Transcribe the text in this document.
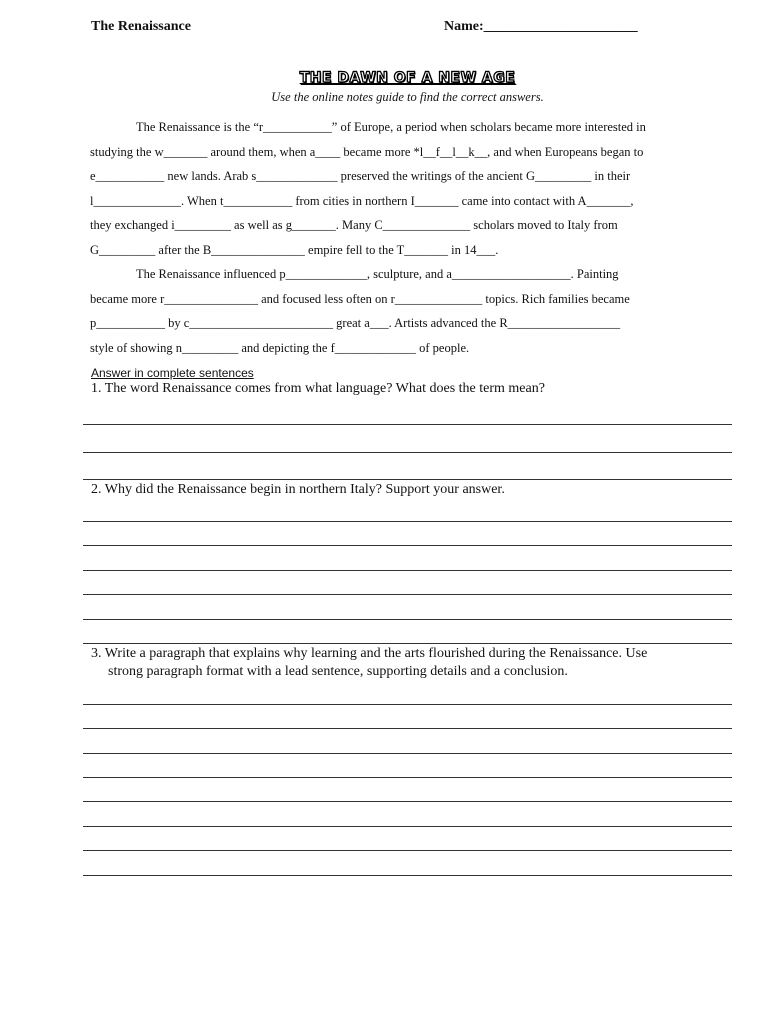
The Renaissance	Name:______________________
THE DAWN OF A NEW AGE
Use the online notes guide to find the correct answers.
The Renaissance is the “r___________” of Europe, a period when scholars became more interested in
studying the w_______ around them, when a____ became more *l__f__l__k__, and when Europeans began to
e___________ new lands. Arab s_____________ preserved the writings of the ancient G_________ in their
l______________. When t___________ from cities in northern I_______ came into contact with A_______,
they exchanged i_________ as well as g_______. Many C______________ scholars moved to Italy from
G_________ after the B_______________ empire fell to the T_______ in 14___.
The Renaissance influenced p_____________, sculpture, and a___________________. Painting
became more r_______________ and focused less often on r______________ topics. Rich families became
p___________ by c_______________________ great a___. Artists advanced the R__________________
style of showing n_________ and depicting the f_____________ of people.
Answer in complete sentences
1. The word Renaissance comes from what language? What does the term mean?
2. Why did the Renaissance begin in northern Italy? Support your answer.
3. Write a paragraph that explains why learning and the arts flourished during the Renaissance. Use
strong paragraph format with a lead sentence, supporting details and a conclusion.
